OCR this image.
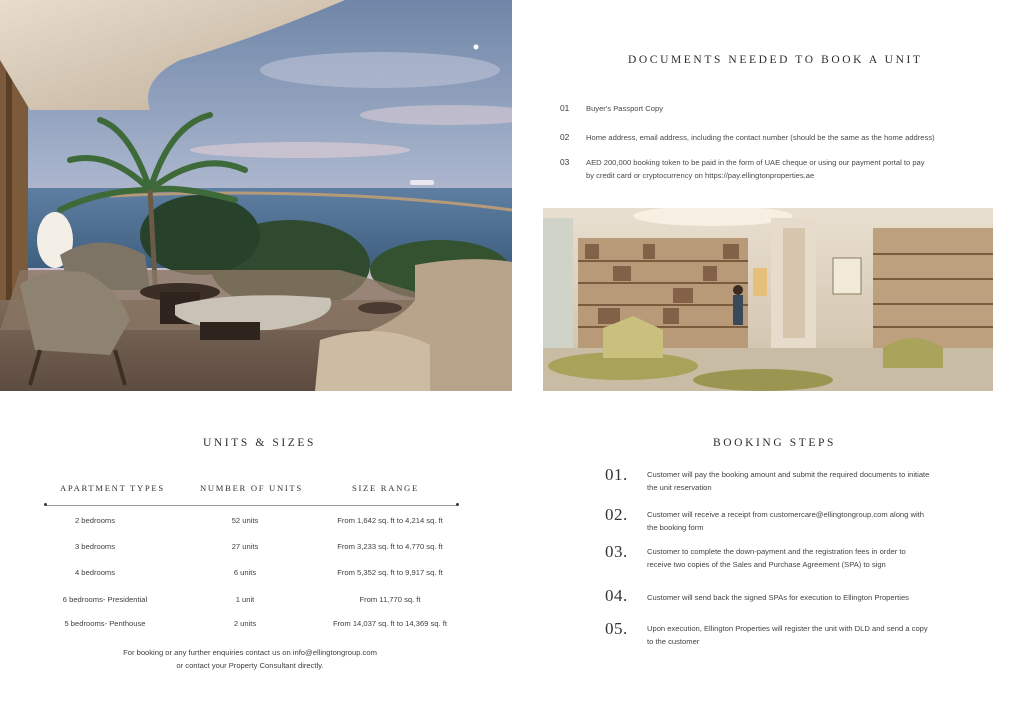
DOCUMENTS NEEDED TO BOOK A UNIT
01 Buyer's Passport Copy
02 Home address, email address, including the contact number (should be the same as the home address)
03 AED 200,000 booking token to be paid in the form of UAE cheque or using our payment portal to pay by credit card or cryptocurrency on https://pay.ellingtonproperties.ae
UNITS & SIZES
APARTMENT TYPES	NUMBER OF UNITS	SIZE RANGE
2 bedrooms	52 units	From 1,642 sq. ft to 4,214 sq. ft
3 bedrooms	27 units	From 3,233 sq. ft to 4,770 sq. ft
4 bedrooms	6 units	From 5,352 sq. ft to 9,917 sq. ft
6 bedrooms- Presidential	1 unit	From 11,770 sq. ft
5 bedrooms- Penthouse	2 units	From 14,037 sq. ft to 14,369 sq. ft
For booking or any further enquiries contact us on info@ellingtongroup.com
or contact your Property Consultant directly.
BOOKING STEPS
01.	Customer will pay the booking amount and submit the required documents to initiate the unit reservation
02.	Customer will receive a receipt from customercare@ellingtongroup.com along with the booking form
03.	Customer to complete the down-payment and the registration fees in order to receive two copies of the Sales and Purchase Agreement (SPA) to sign
04.	Customer will send back the signed SPAs for execution to Ellington Properties
05.	Upon execution, Ellington Properties will register the unit with DLD and send a copy to the customer
